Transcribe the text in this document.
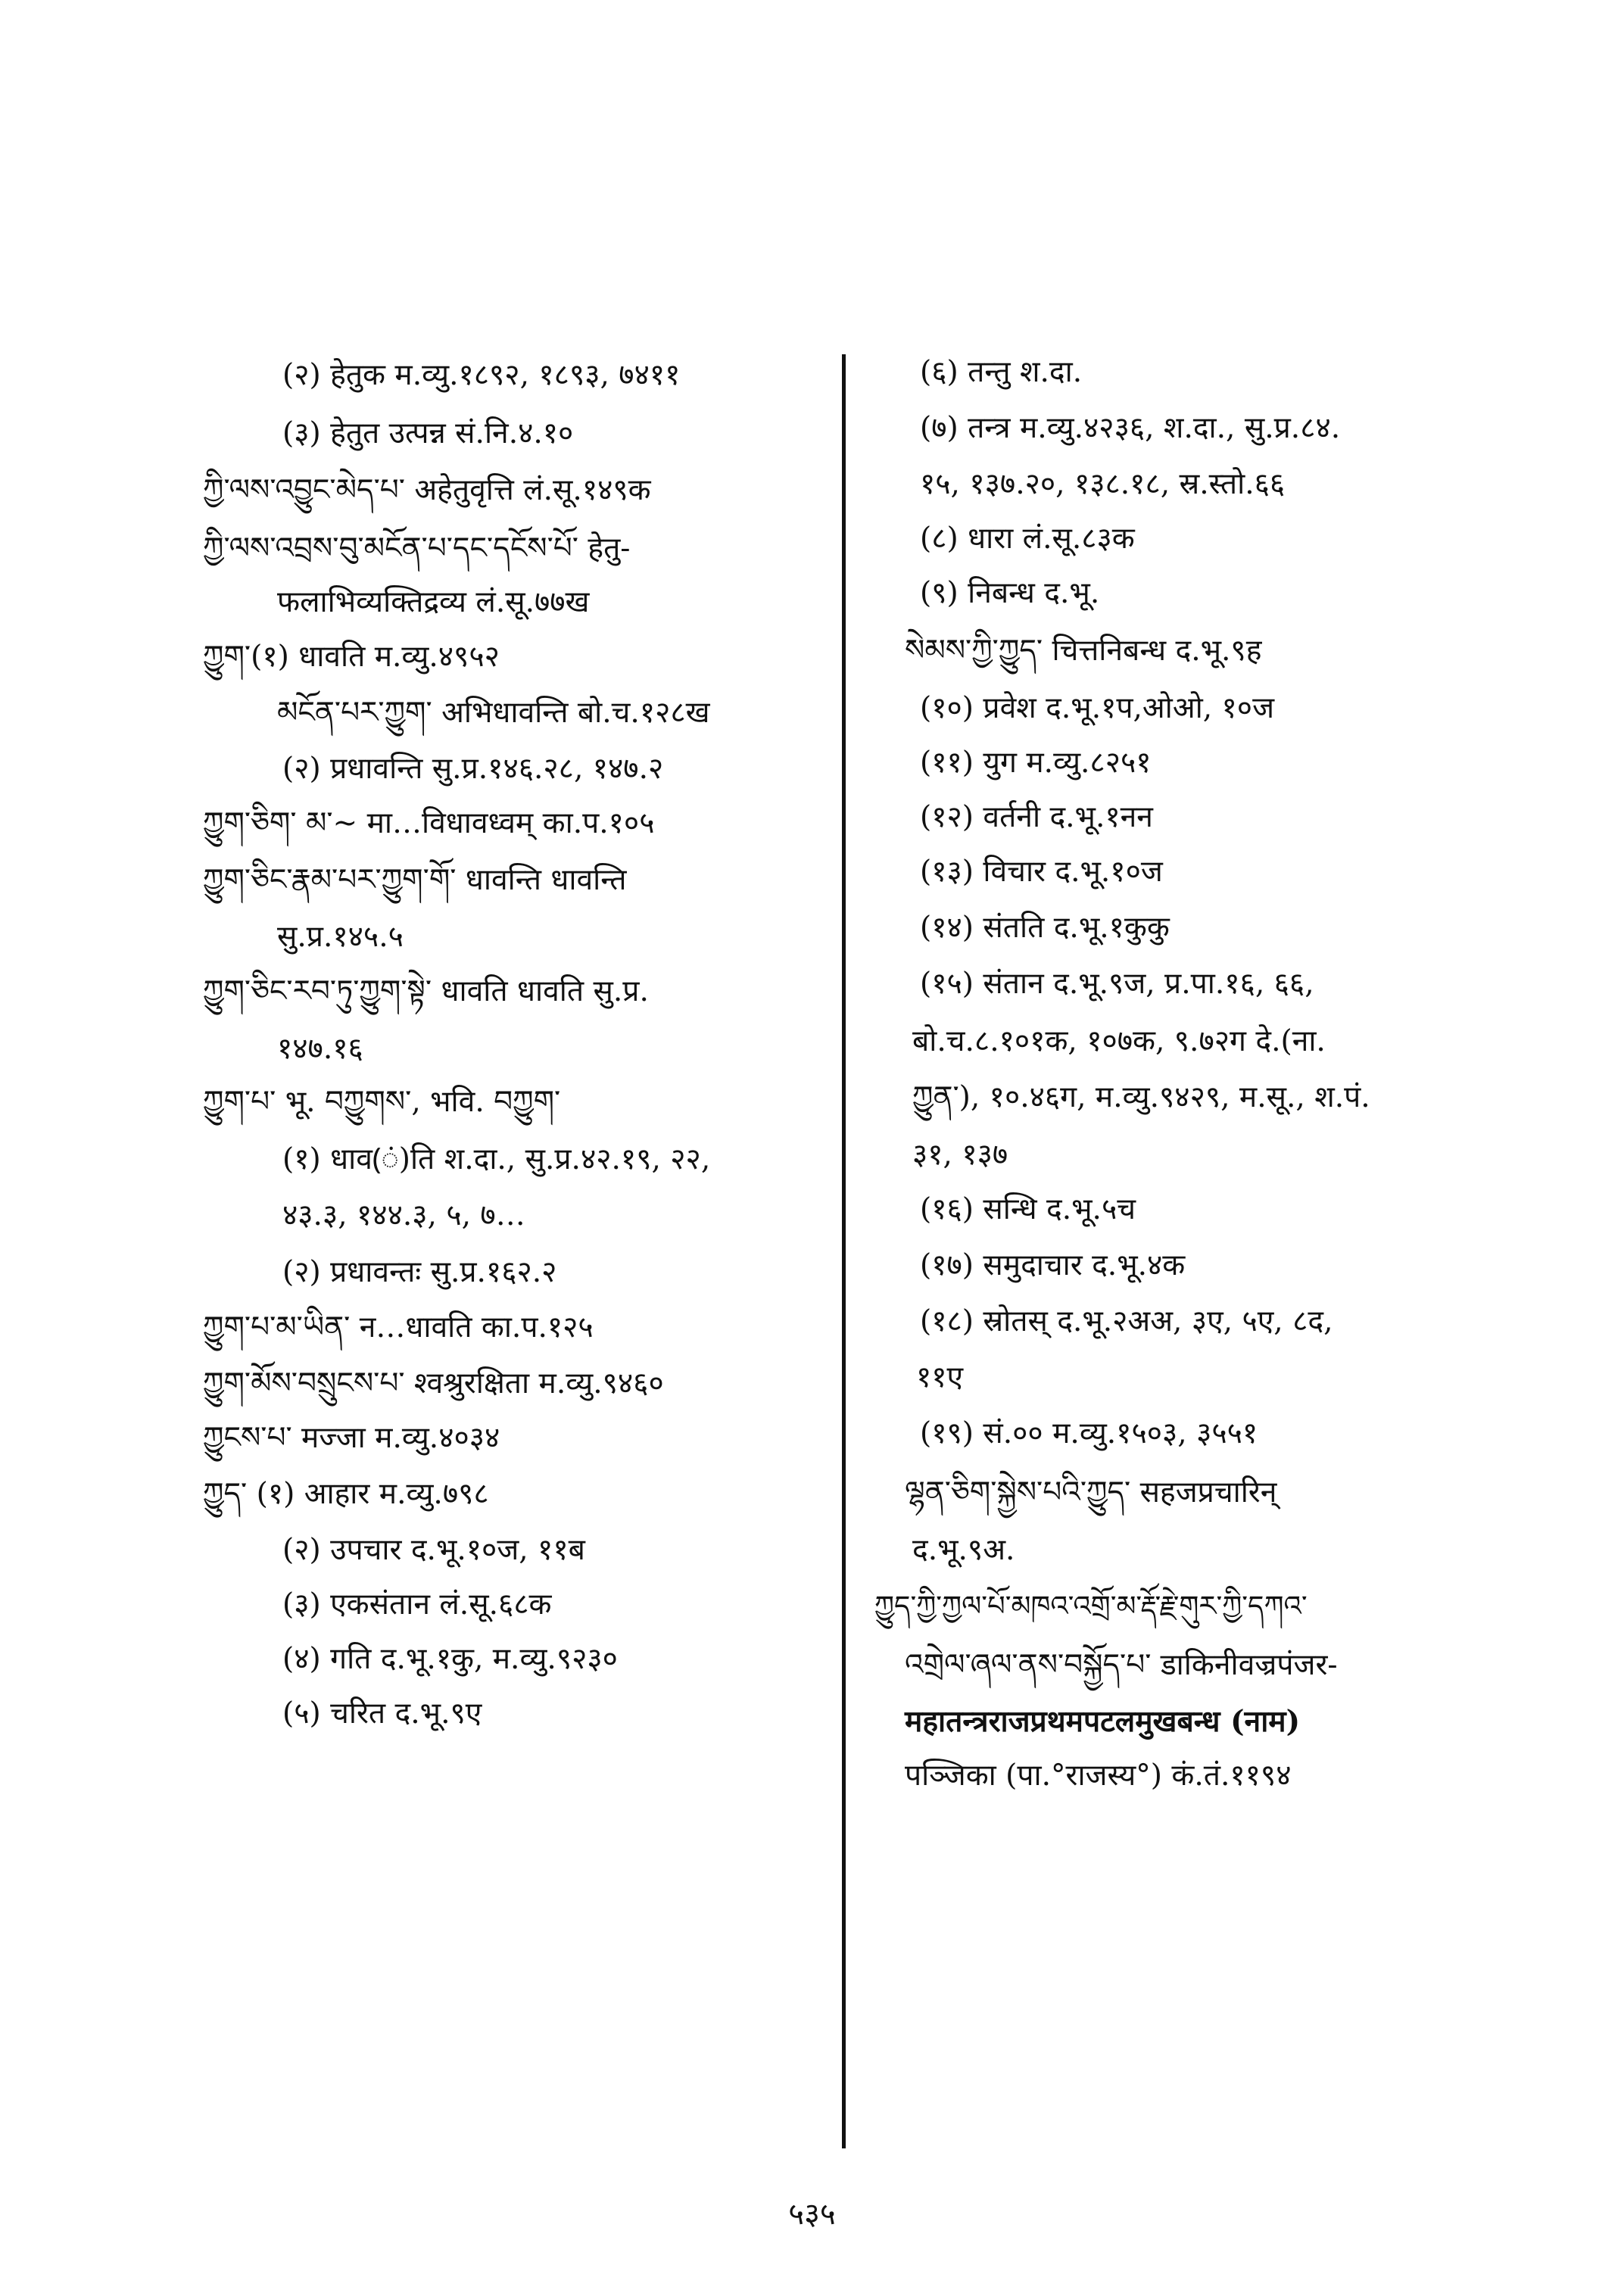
(२) हेतुक म.व्यु.१८९२, १८९३, ७४११
(३) हेतुत उत्पन्न सं.नि.४.१०
ཀྱི་ལས་འབྱུང་མེད་པ་ अहेतुवृत्ति लं.सू.१४९क
ཀྱི་ལས་འབྲས་བུ་མངོན་པ་དང་དངོས་པོ་ हेतु-
फलाभिव्यक्तिद्रव्य लं.सू.७७ख
ཀྱུག་(१) धावति म.व्यु.४९५२
མངོན་པར་ཀྱུག་ अभिधावन्ति बो.च.१२८ख
(२) प्रधावन्ति सु.प्र.१४६.२८, १४७.२
ཀྱུག་ཅིག་ མ་~ मा…विधावध्वम् का.प.१०५
ཀྱུག་ཅིང་རྣམ་པར་ཀྱུག་གོ་ धावन्ति धावन्ति
सु.प्र.१४५.५
ཀྱུག་ཅིང་རབ་ཏུ་ཀྱུག་སྟེ་ धावति धावति सु.प्र.
१४७.१६
ཀྱུག་པ་ भू. བཀྱུགས་, भवि. བཀྱུག་
(१) धाव(ं)ति श.दा., सु.प्र.४२.१९, २२,
४३.३, १४४.३, ५, ७…
(२) प्रधावन्तः सु.प्र.१६२.२
ཀྱུག་པ་མ་ཡིན་ न…धावति का.प.१२५
ཀྱུག་མོས་བསྲུངས་པ་ श्वश्रुरक्षिता म.व्यु.९४६०
ཀྱུངས་པ་ मज्जा म.व्यु.४०३४
ཀྱུད་ (१) आहार म.व्यु.७९८
(२) उपचार द.भू.१०ज, ११ब
(३) एकसंतान लं.सू.६८क
(४) गति द.भू.१कु, म.व्यु.९२३०
(५) चरित द.भू.९ए
(६) तन्तु श.दा.
(७) तन्त्र म.व्यु.४२३६, श.दा., सु.प्र.८४.
१५, १३७.२०, १३८.१८, स्र.स्तो.६६
(८) धारा लं.सू.८३क
(९) निबन्ध द.भू.
སེམས་ཀྱི་ཀྱུད་ चित्तनिबन्ध द.भू.९ह
(१०) प्रवेश द.भू.१प,ओओ, १०ज
(११) युग म.व्यु.८२५१
(१२) वर्तनी द.भू.१नन
(१३) विचार द.भू.१०ज
(१४) संतति द.भू.१कुकु
(१५) संतान द.भू.९ज, प्र.पा.१६, ६६,
बो.च.८.१०१क, १०७क, ९.७२ग दे.(ना.
ཀྱུན་), १०.४६ग, म.व्यु.९४२९, म.सू., श.पं.
३१, १३७
(१६) सन्धि द.भू.५च
(१७) समुदाचार द.भू.४क
(१८) स्रोतस् द.भू.२अअ, ३ए, ५ए, ८द,
११ए
(१९) सं.०० म.व्यु.१५०३, ३५५१
ལྷན་ཅིག་སྐྱེས་པའི་ཀྱུད་ सहजप्रचारिन्
द.भू.९अ.
ཀྱུད་ཀྱི་ཀྱལ་པོ་མཁའ་འགྲོ་མ་རྡོ་རྗེ་གུར་ཀྱི་དཀའ་
འགྲེལ་ཞལ་ནས་བསྐྱོད་པ་ डाकिनीवज्रपंजर-
महातन्त्रराजप्रथमपटलमुखबन्ध (नाम)
पञ्जिका (पा.°राजस्य°) कं.तं.११९४
५३५
